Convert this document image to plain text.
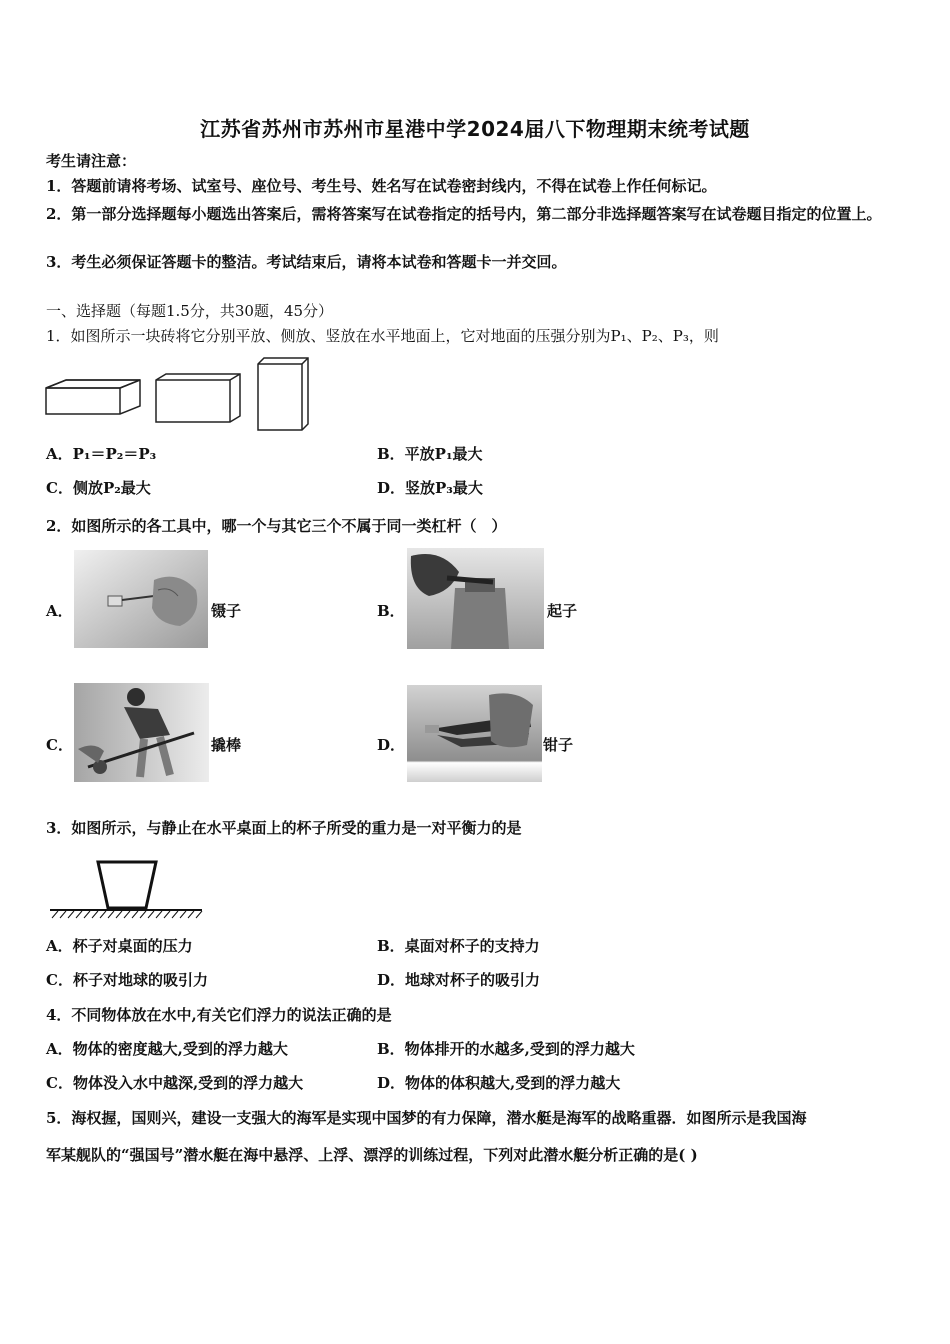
江苏省苏州市苏州市星港中学2024届八下物理期末统考试题
考生请注意：
1．答题前请将考场、试室号、座位号、考生号、姓名写在试卷密封线内，不得在试卷上作任何标记。
2．第一部分选择题每小题选出答案后，需将答案写在试卷指定的括号内，第二部分非选择题答案写在试卷题目指定的位置上。
3．考生必须保证答题卡的整洁。考试结束后，请将本试卷和答题卡一并交回。
一、选择题（每题1.5分，共30题，45分）
1．如图所示一块砖将它分别平放、侧放、竖放在水平地面上，它对地面的压强分别为P₁、P₂、P₃，则
A．P₁＝P₂＝P₃	B．平放P₁最大
C．侧放P₂最大	D．竖放P₃最大
2．如图所示的各工具中，哪一个与其它三个不属于同一类杠杆（　）
A．	镊子	B．	起子
C．	撬棒	D．	钳子
3．如图所示，与静止在水平桌面上的杯子所受的重力是一对平衡力的是
A．杯子对桌面的压力	B．桌面对杯子的支持力
C．杯子对地球的吸引力	D．地球对杯子的吸引力
4．不同物体放在水中,有关它们浮力的说法正确的是
A．物体的密度越大,受到的浮力越大	B．物体排开的水越多,受到的浮力越大
C．物体没入水中越深,受到的浮力越大	D．物体的体积越大,受到的浮力越大
5．海权握，国则兴，建设一支强大的海军是实现中国梦的有力保障，潜水艇是海军的战略重器．如图所示是我国海
军某舰队的“强国号”潜水艇在海中悬浮、上浮、漂浮的训练过程，下列对此潜水艇分析正确的是( )
